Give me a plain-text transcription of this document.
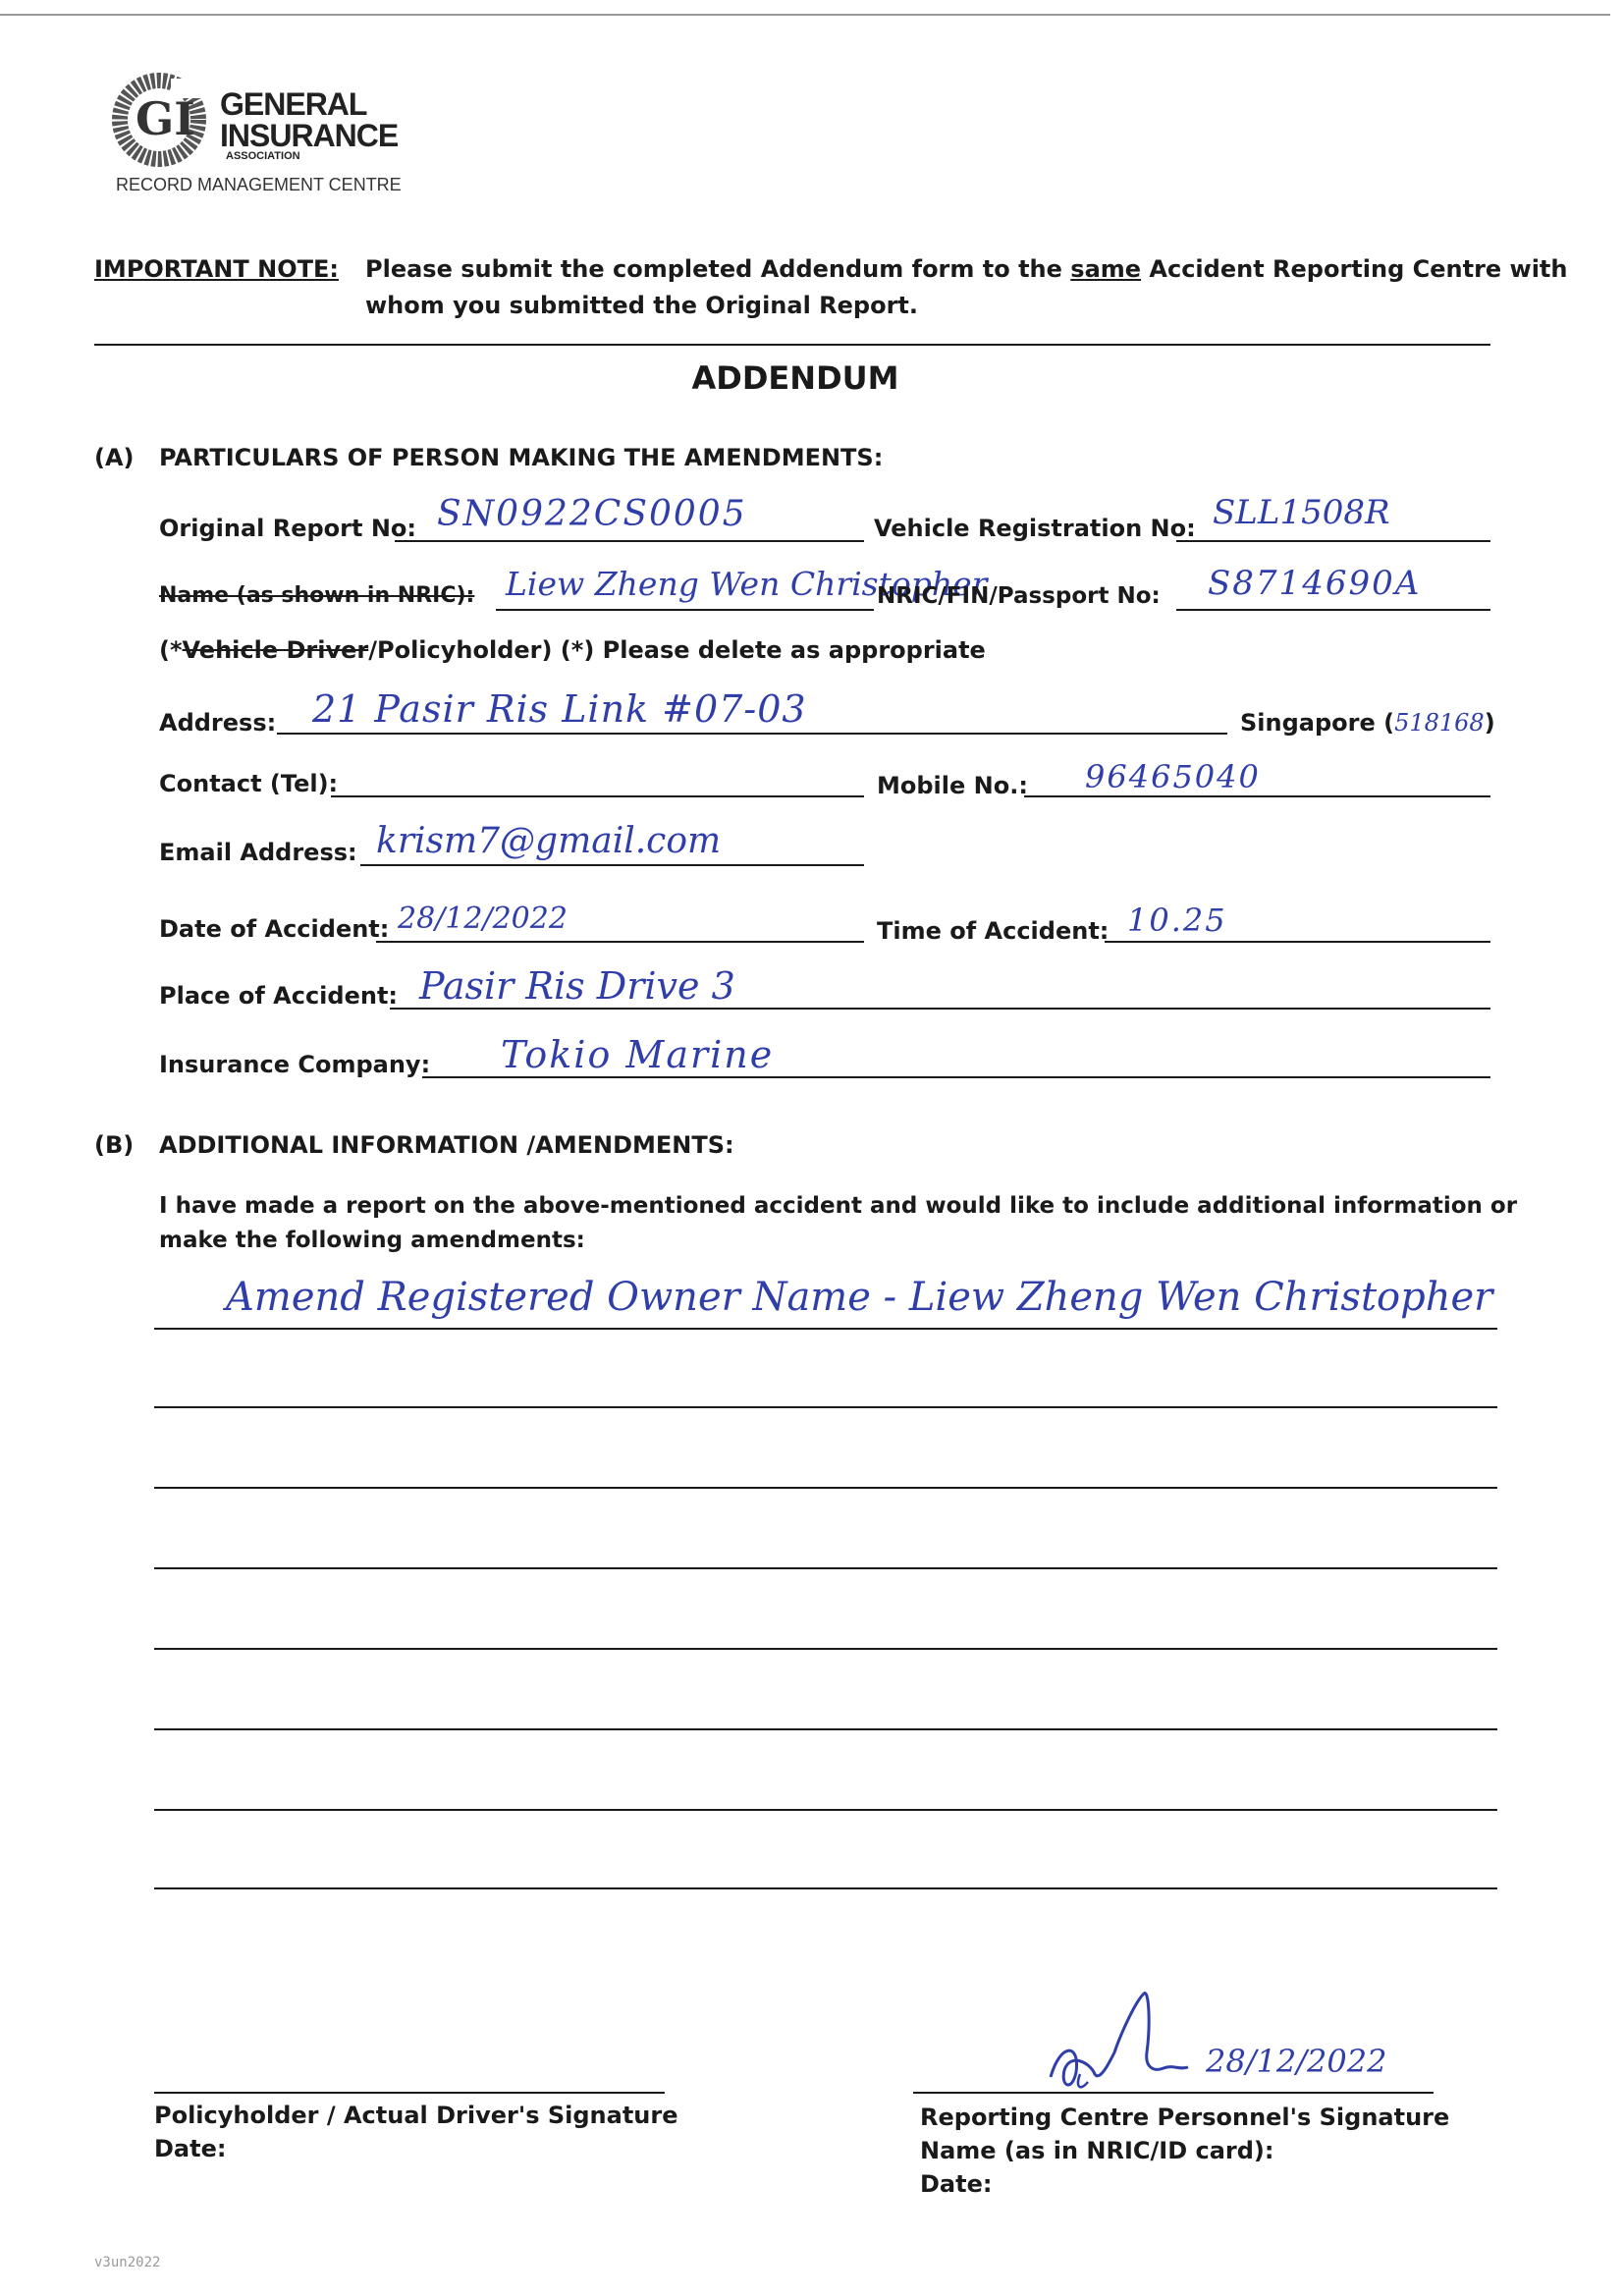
GI GENERAL
INSURANCE
ASSOCIATION
RECORD MANAGEMENT CENTRE
IMPORTANT NOTE: Please submit the completed Addendum form to the same Accident Reporting Centre with
whom you submitted the Original Report.
ADDENDUM
(A) PARTICULARS OF PERSON MAKING THE AMENDMENTS:
Original Report No: SN0922CS0005	Vehicle Registration No: SLL1508R
Name (as shown in NRIC): Liew Zheng Wen Christopher
NRIC/FIN/Passport No: S8714690A
(*Vehicle Driver/Policyholder) (*) Please delete as appropriate
Address: 21 Pasir Ris Link #07-03	Singapore (518168)
Contact (Tel):	Mobile No.: 96465040
Email Address: krism7@gmail.com
Date of Accident: 28/12/2022	Time of Accident: 10.25
Place of Accident: Pasir Ris Drive 3
Insurance Company: Tokio Marine
(B) ADDITIONAL INFORMATION /AMENDMENTS:
I have made a report on the above-mentioned accident and would like to include additional information or
make the following amendments:
Amend Registered Owner Name - Liew Zheng Wen Christopher
Policyholder / Actual Driver's Signature
Date:
28/12/2022
Reporting Centre Personnel's Signature
Name (as in NRIC/ID card):
Date:
v3un2022
